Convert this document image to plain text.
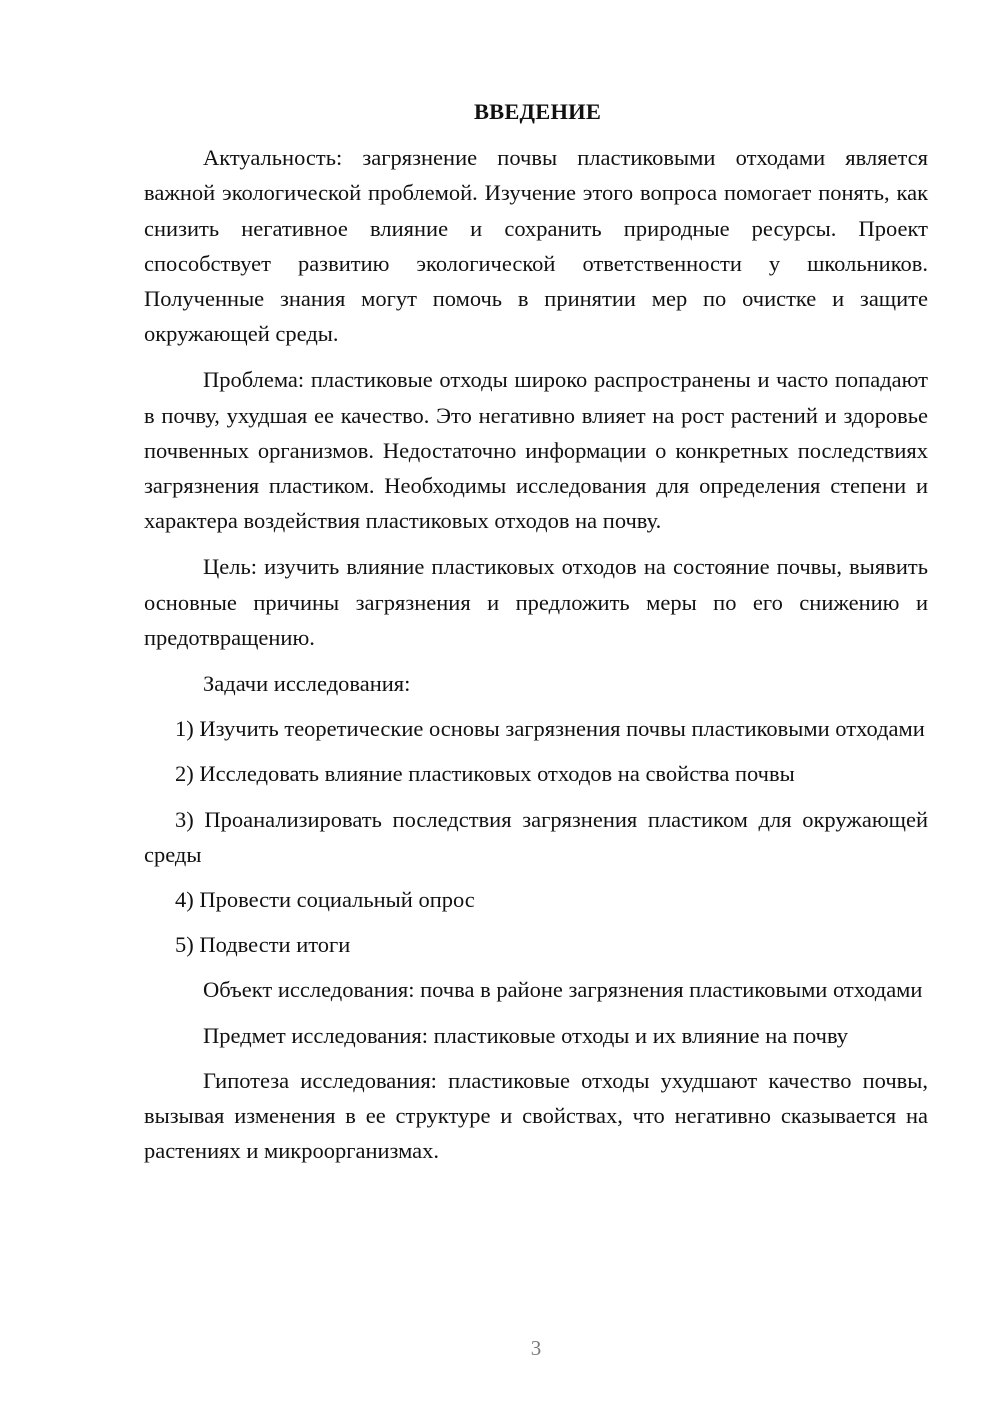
ВВЕДЕНИЕ

Актуальность: загрязнение почвы пластиковыми отходами является важной экологической проблемой. Изучение этого вопроса помогает понять, как снизить негативное влияние и сохранить природные ресурсы. Проект способствует развитию экологической ответственности у школьников. Полученные знания могут помочь в принятии мер по очистке и защите окружающей среды.

Проблема: пластиковые отходы широко распространены и часто попадают в почву, ухудшая ее качество. Это негативно влияет на рост растений и здоровье почвенных организмов. Недостаточно информации о конкретных последствиях загрязнения пластиком. Необходимы исследования для определения степени и характера воздействия пластиковых отходов на почву.

Цель: изучить влияние пластиковых отходов на состояние почвы, выявить основные причины загрязнения и предложить меры по его снижению и предотвращению.

Задачи исследования:

1) Изучить теоретические основы загрязнения почвы пластиковыми отходами

2) Исследовать влияние пластиковых отходов на свойства почвы

3) Проанализировать последствия загрязнения пластиком для окружающей среды

4) Провести социальный опрос

5) Подвести итоги

Объект исследования: почва в районе загрязнения пластиковыми отходами

Предмет исследования: пластиковые отходы и их влияние на почву

Гипотеза исследования: пластиковые отходы ухудшают качество почвы, вызывая изменения в ее структуре и свойствах, что негативно сказывается на растениях и микроорганизмах.

3
